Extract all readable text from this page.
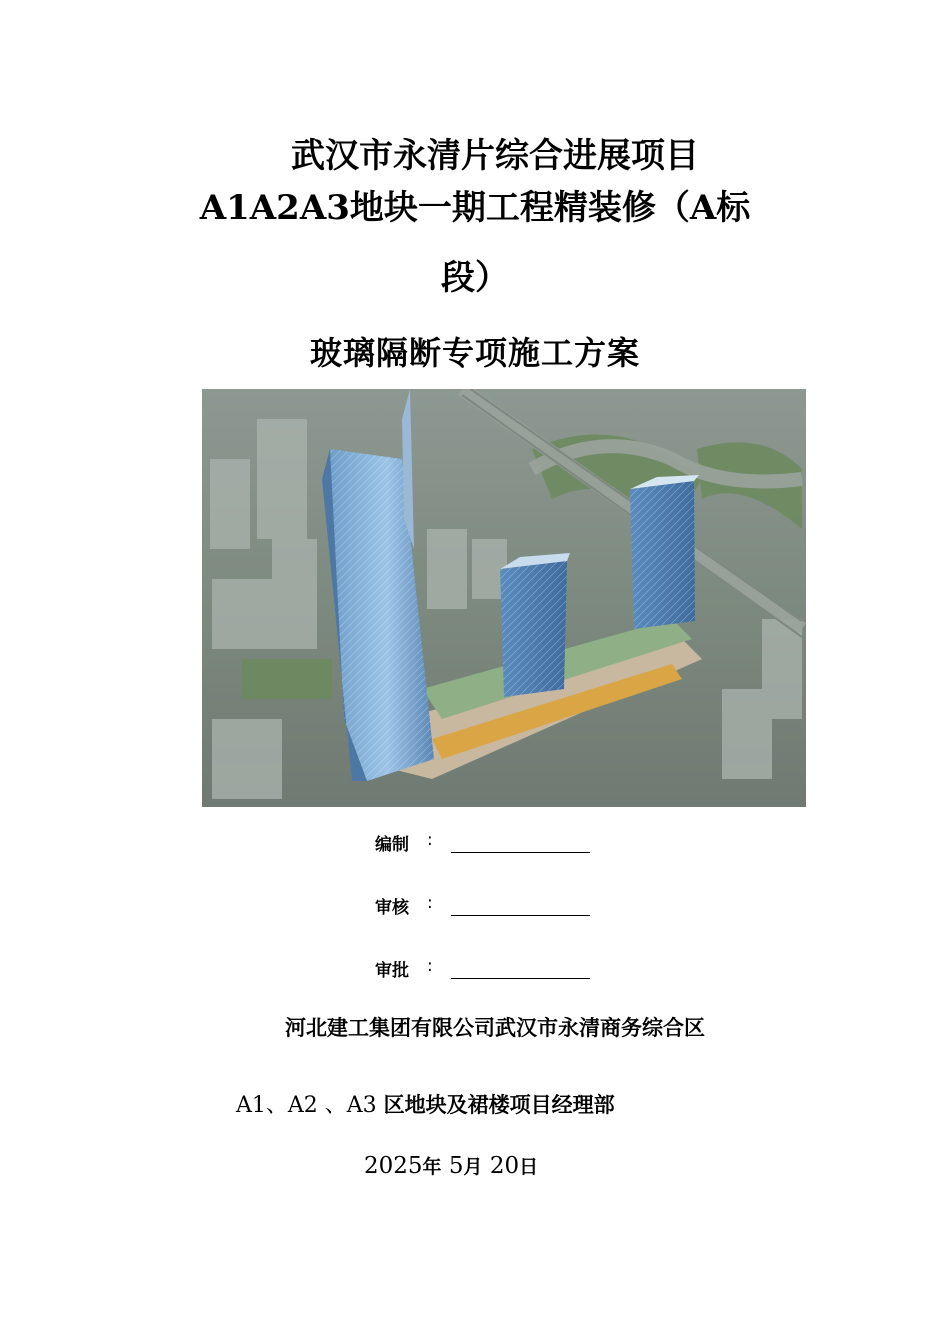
武汉市永清片综合进展项目
A1A2A3地块一期工程精装修（A标
段）
玻璃隔断专项施工方案
编制 :
审核 :
审批 :
河北建工集团有限公司武汉市永清商务综合区
A1、A2 、A3 区地块及裙楼项目经理部
2025年 5月 20日
